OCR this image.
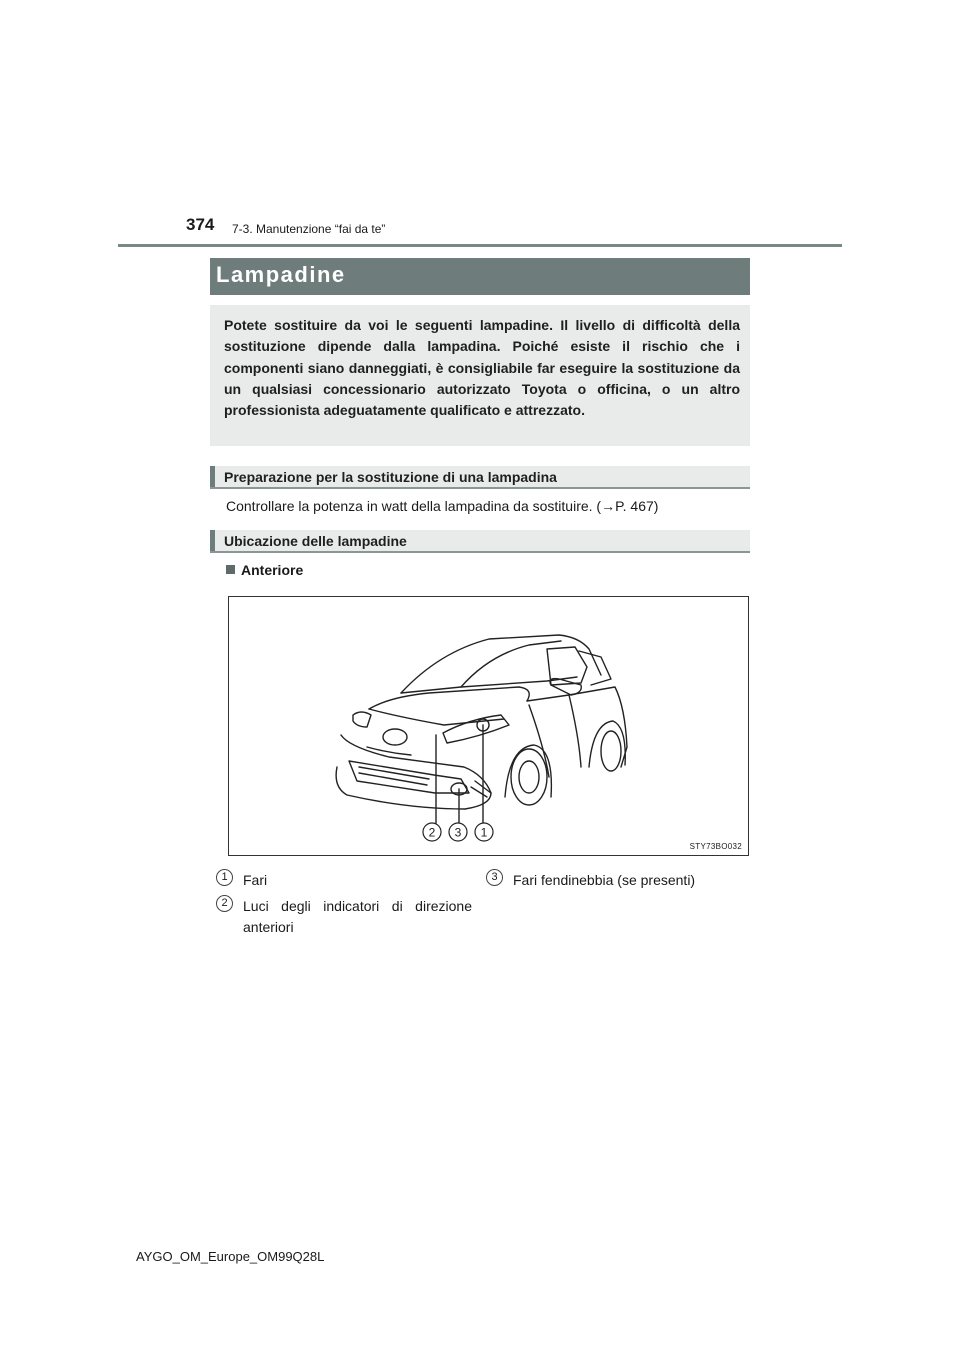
374 7-3. Manutenzione “fai da te”
Lampadine

Potete sostituire da voi le seguenti lampadine. Il livello di difficoltà della sostituzione dipende dalla lampadina. Poiché esiste il rischio che i componenti siano danneggiati, è consigliabile far eseguire la sostituzione da un qualsiasi concessionario autorizzato Toyota o officina, o un altro professionista adeguatamente qualificato e attrezzato.

Preparazione per la sostituzione di una lampadina
Controllare la potenza in watt della lampadina da sostituire. (→P. 467)
Ubicazione delle lampadine
Anteriore
2 3 1
STY73BO032
1	Fari
2	Luci degli indicatori di direzione anteriori
3	Fari fendinebbia (se presenti)
AYGO_OM_Europe_OM99Q28L
